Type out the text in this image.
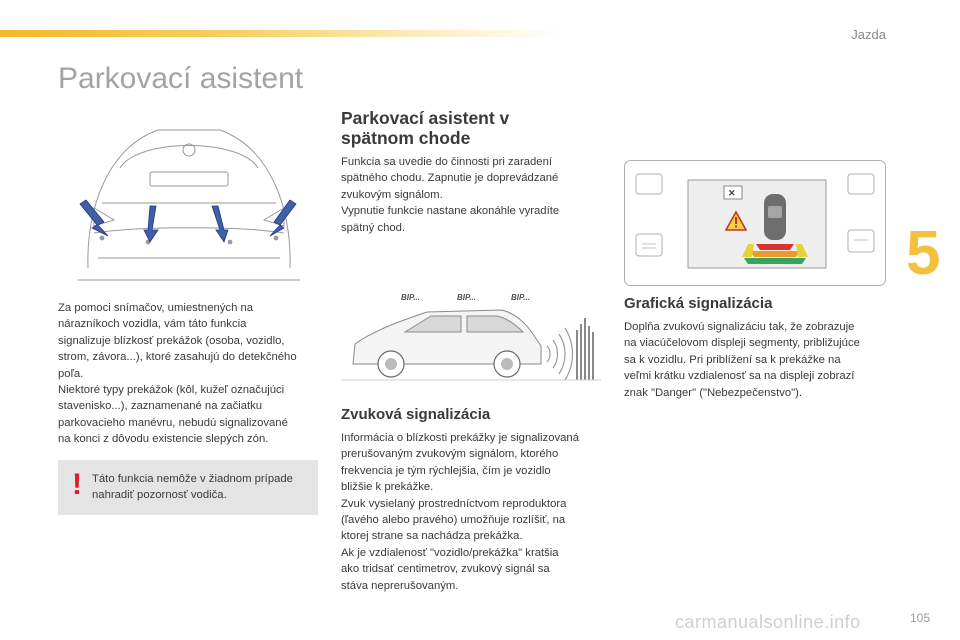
Jazda
Parkovací asistent
5

Za pomoci snímačov, umiestnených na

nárazníkoch vozidla, vám táto funkcia

signalizuje blízkosť prekážok (osoba, vozidlo,

strom, závora...), ktoré zasahujú do detekčného

poľa.

Niektoré typy prekážok (kôl, kužeľ označujúci

stavenisko...), zaznamenané na začiatku

parkovacieho manévru, nebudú signalizované

na konci z dôvodu existencie slepých zón.

! Táto funkcia nemôže v žiadnom prípade

nahradiť pozornosť vodiča.

Parkovací asistent v
spätnom chode

Funkcia sa uvedie do činnosti pri zaradení

spätného chodu. Zapnutie je doprevádzané

zvukovým signálom.

Vypnutie funkcie nastane akonáhle vyradíte

spätný chod.

BIP...	BIP...	BIP...
Zvuková signalizácia

Informácia o blízkosti prekážky je signalizovaná

prerušovaným zvukovým signálom, ktorého

frekvencia je tým rýchlejšia, čím je vozidlo

bližšie k prekážke.

Zvuk vysielaný prostredníctvom reproduktora

(ľavého alebo pravého) umožňuje rozlíšiť, na

ktorej strane sa nachádza prekážka.

Ak je vzdialenosť "vozidlo/prekážka" kratšia

ako tridsať centimetrov, zvukový signál sa

stáva neprerušovaným.

✕
Grafická signalizácia

Doplňa zvukovú signalizáciu tak, že zobrazuje

na viacúčelovom displeji segmenty, približujúce

sa k vozidlu. Pri priblížení sa k prekážke na

veľmi krátku vzdialenosť sa na displeji zobrazí

znak "Danger" ("Nebezpečenstvo").

carmanualsonline.info	105
